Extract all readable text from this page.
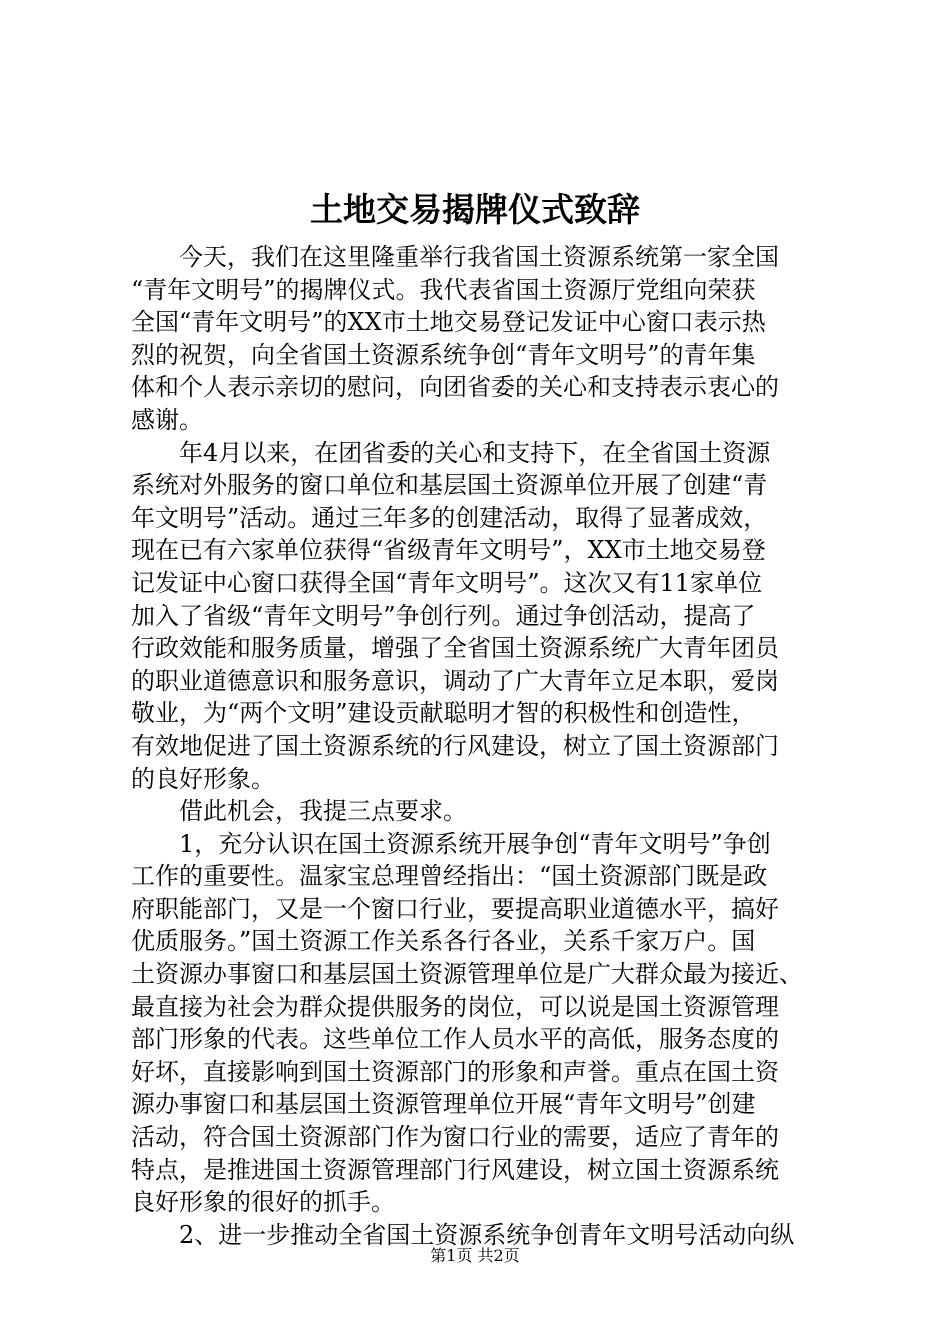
土地交易揭牌仪式致辞
今天，我们在这里隆重举行我省国土资源系统第一家全国
“青年文明号”的揭牌仪式。我代表省国土资源厅党组向荣获
全国“青年文明号”的XX市土地交易登记发证中心窗口表示热
烈的祝贺，向全省国土资源系统争创“青年文明号”的青年集
体和个人表示亲切的慰问，向团省委的关心和支持表示衷心的
感谢。
年4月以来，在团省委的关心和支持下，在全省国土资源
系统对外服务的窗口单位和基层国土资源单位开展了创建“青
年文明号”活动。通过三年多的创建活动，取得了显著成效，
现在已有六家单位获得“省级青年文明号”，XX市土地交易登
记发证中心窗口获得全国“青年文明号”。这次又有11家单位
加入了省级“青年文明号”争创行列。通过争创活动，提高了
行政效能和服务质量，增强了全省国土资源系统广大青年团员
的职业道德意识和服务意识，调动了广大青年立足本职，爱岗
敬业，为“两个文明”建设贡献聪明才智的积极性和创造性，
有效地促进了国土资源系统的行风建设，树立了国土资源部门
的良好形象。
借此机会，我提三点要求。
1，充分认识在国土资源系统开展争创“青年文明号”争创
工作的重要性。温家宝总理曾经指出：“国土资源部门既是政
府职能部门，又是一个窗口行业，要提高职业道德水平，搞好
优质服务。”国土资源工作关系各行各业，关系千家万户。国
土资源办事窗口和基层国土资源管理单位是广大群众最为接近、
最直接为社会为群众提供服务的岗位，可以说是国土资源管理
部门形象的代表。这些单位工作人员水平的高低，服务态度的
好坏，直接影响到国土资源部门的形象和声誉。重点在国土资
源办事窗口和基层国土资源管理单位开展“青年文明号”创建
活动，符合国土资源部门作为窗口行业的需要，适应了青年的
特点，是推进国土资源管理部门行风建设，树立国土资源系统
良好形象的很好的抓手。
2、进一步推动全省国土资源系统争创青年文明号活动向纵
第1页 共2页
